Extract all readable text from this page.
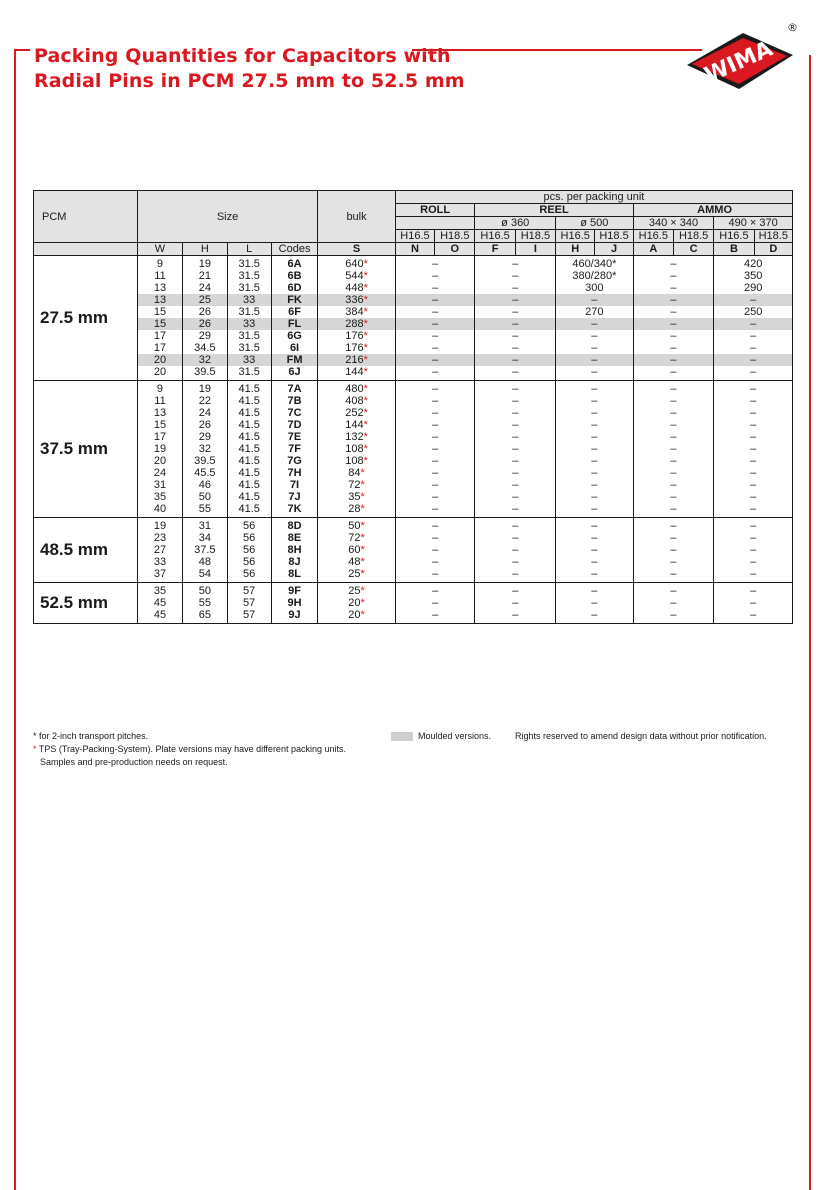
Packing Quantities for Capacitors with
Radial Pins in PCM 27.5 mm to 52.5 mm	WIMA
®
PCM	Size				bulk	pcs. per packing unit									
						ROLL		REEL				AMMO			
								ø 360		ø 500		340 × 340		490 × 370	
						H16.5	H18.5	H16.5	H18.5	H16.5	H18.5	H16.5	H18.5	H16.5	H18.5
	W	H	L	Codes	S	N	O	F	I	H	J	A	C	B	D
27.5 mm	9	19	31.5	6A	640*	–		–		460/340*		–		420	
	11	21	31.5	6B	544*	–		–		380/280*		–		350	
	13	24	31.5	6D	448*	–		–		300		–		290	
	13	25	33	FK	336*	–		–		–		–		–	
	15	26	31.5	6F	384*	–		–		270		–		250	
	15	26	33	FL	288*	–		–		–		–		–	
	17	29	31.5	6G	176*	–		–		–		–		–	
	17	34.5	31.5	6I	176*	–		–		–		–		–	
	20	32	33	FM	216*	–		–		–		–		–	
	20	39.5	31.5	6J	144*	–		–		–		–		–	
37.5 mm	9	19	41.5	7A	480*	–		–		–		–		–	
	11	22	41.5	7B	408*	–		–		–		–		–	
	13	24	41.5	7C	252*	–		–		–		–		–	
	15	26	41.5	7D	144*	–		–		–		–		–	
	17	29	41.5	7E	132*	–		–		–		–		–	
	19	32	41.5	7F	108*	–		–		–		–		–	
	20	39.5	41.5	7G	108*	–		–		–		–		–	
	24	45.5	41.5	7H	84*	–		–		–		–		–	
	31	46	41.5	7I	72*	–		–		–		–		–	
	35	50	41.5	7J	35*	–		–		–		–		–	
	40	55	41.5	7K	28*	–		–		–		–		–	
48.5 mm	19	31	56	8D	50*	–		–		–		–		–	
	23	34	56	8E	72*	–		–		–		–		–	
	27	37.5	56	8H	60*	–		–		–		–		–	
	33	48	56	8J	48*	–		–		–		–		–	
	37	54	56	8L	25*	–		–		–		–		–	
52.5 mm	35	50	57	9F	25*	–		–		–		–		–	
	45	55	57	9H	20*	–		–		–		–		–	
	45	65	57	9J	20*	–		–		–		–		–	
* for 2-inch transport pitches.
* TPS (Tray-Packing-System). Plate versions may have different packing units.
Samples and pre-production needs on request.
Moulded versions.	Rights reserved to amend design data without prior notification.
